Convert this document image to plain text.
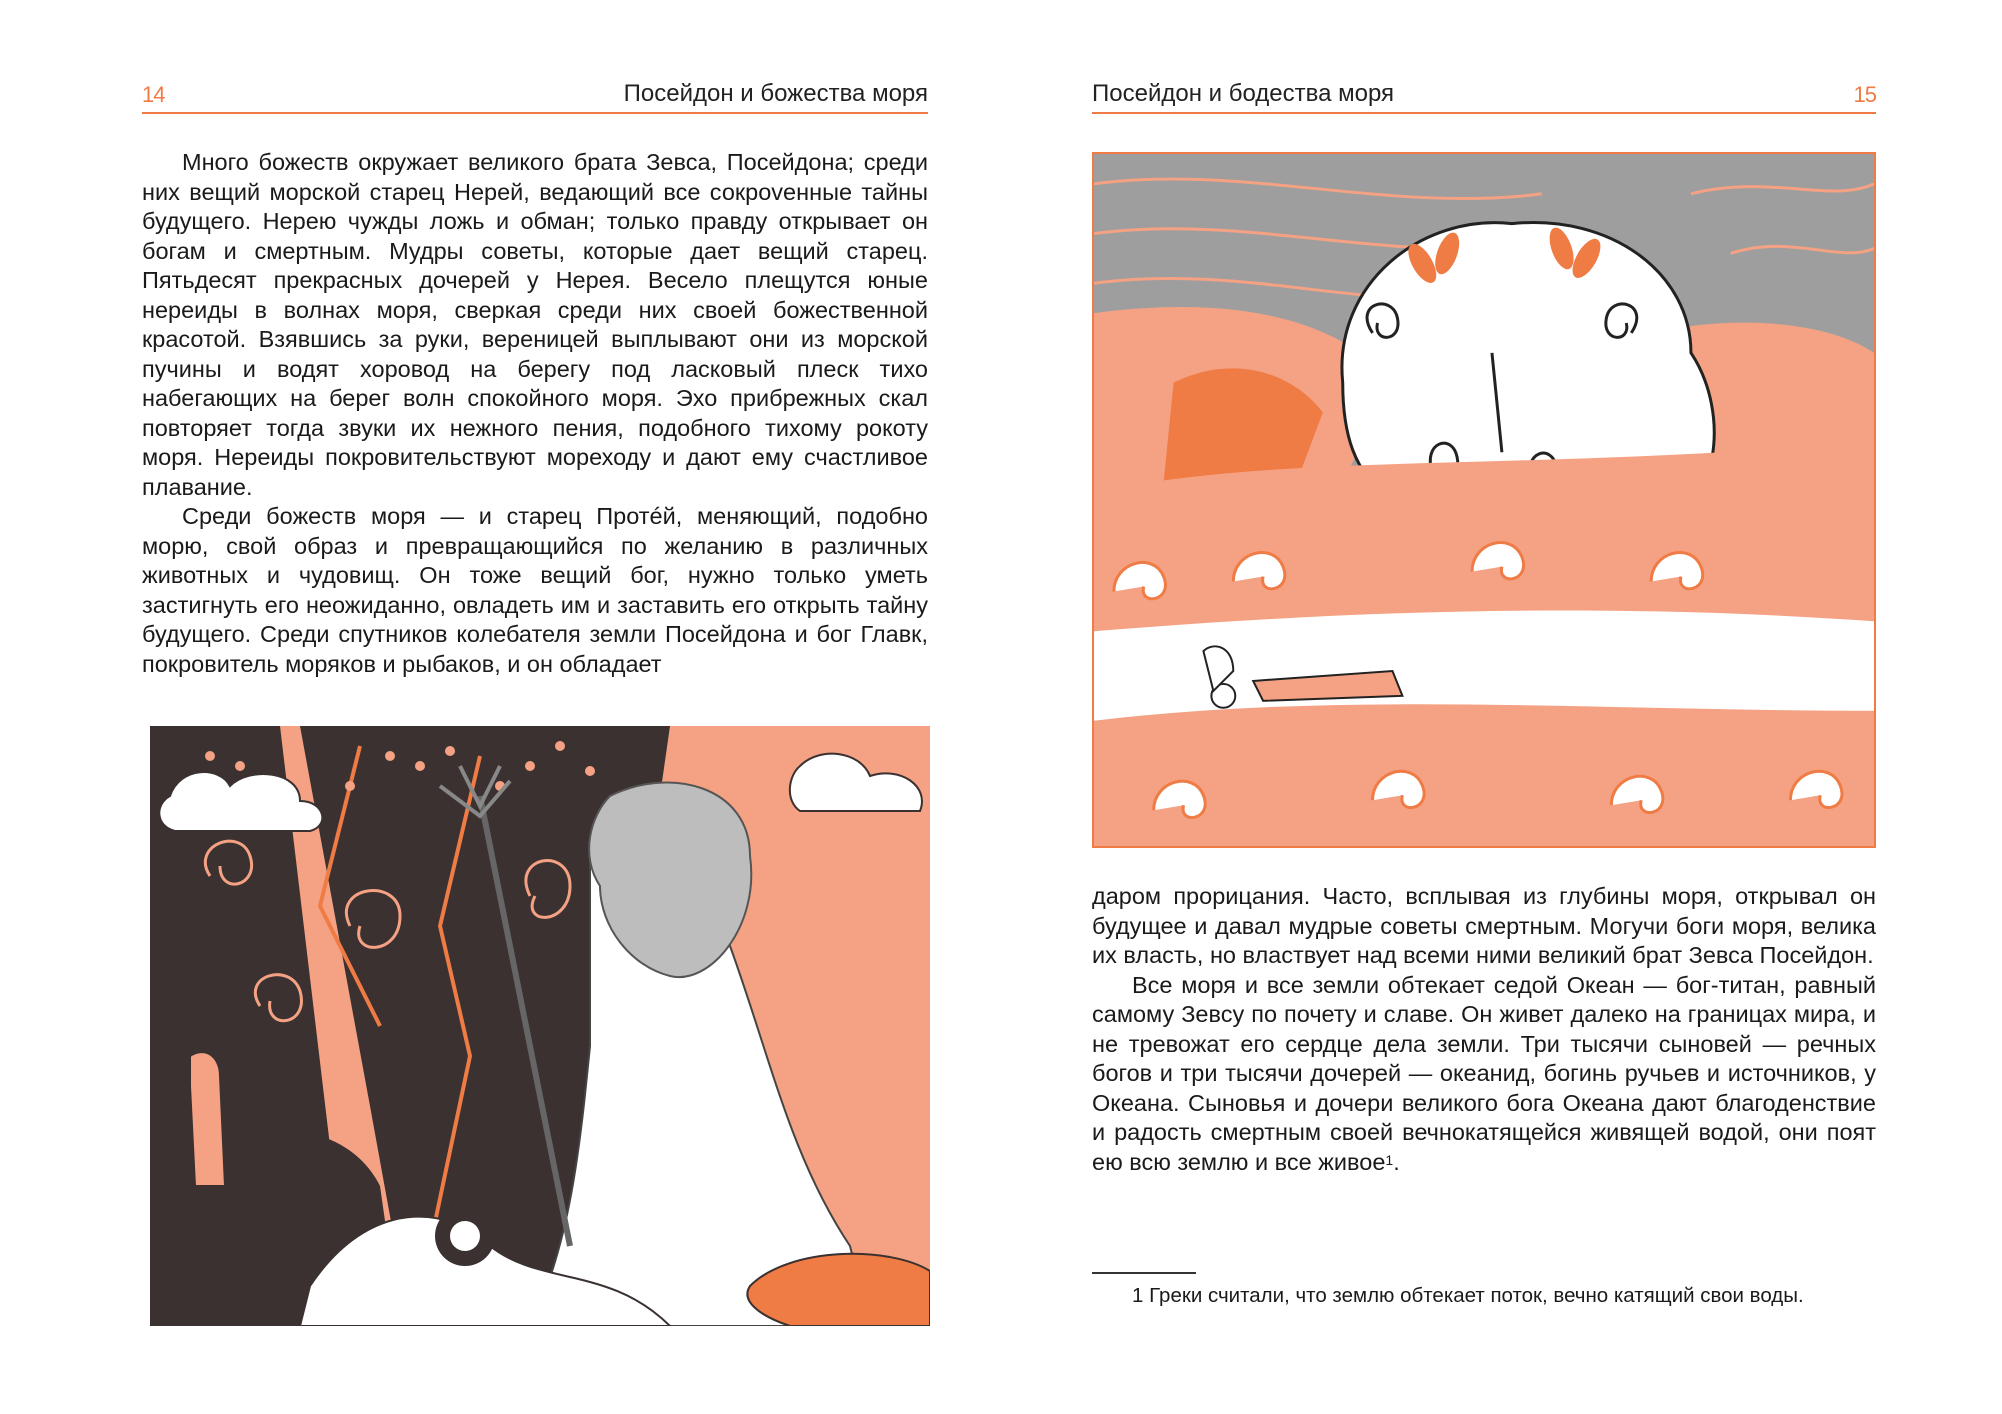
14	Посейдон и божества моря

Много божеств окружает великого брата Зевса, Посейдона; среди них вещий морской старец Нерей, ведающий все сокроvенные тайны будущего. Нерею чужды ложь и обман; только правду открывает он богам и смертным. Мудры советы, которые дает вещий старец. Пятьдесят прекрасных дочерей у Нерея. Весело плещутся юные нереиды в волнах моря, сверкая среди них своей божественной красотой. Взявшись за руки, вереницей выплывают они из морской пучины и водят хоровод на берегу под ласковый плеск тихо набегающих на берег волн спокойного моря. Эхо прибрежных скал повторяет тогда звуки их нежного пения, подобного тихому рокоту моря. Нереиды покровительствуют мореходу и дают ему счастливое плавание.

Среди божеств моря — и старец Протéй, меняющий, подобно морю, свой образ и превращающийся по желанию в различных животных и чудовищ. Он тоже вещий бог, нужно только уметь застигнуть его неожиданно, овладеть им и заставить его открыть тайну будущего. Среди спутников колебателя земли Посейдона и бог Главк, покровитель моряков и рыбаков, и он обладает

Посейдон и бодества моря	15

даром прорицания. Часто, всплывая из глубины моря, открывал он будущее и давал мудрые советы смертным. Могучи боги моря, велика их власть, но властвует над всеми ними великий брат Зевса Посейдон.

Все моря и все земли обтекает седой Океан — бог-титан, равный самому Зевсу по почету и славе. Он живет далеко на границах мира, и не тревожат его сердце дела земли. Три тысячи сыновей — речных богов и три тысячи дочерей — океанид, богинь ручьев и источников, у Океана. Сыновья и дочери великого бога Океана дают благоденствие и радость смертным своей вечнокатящейся живящей водой, они поят ею всю землю и все живое$^1$.

1 Греки считали, что землю обтекает поток, вечно катящий свои воды.
